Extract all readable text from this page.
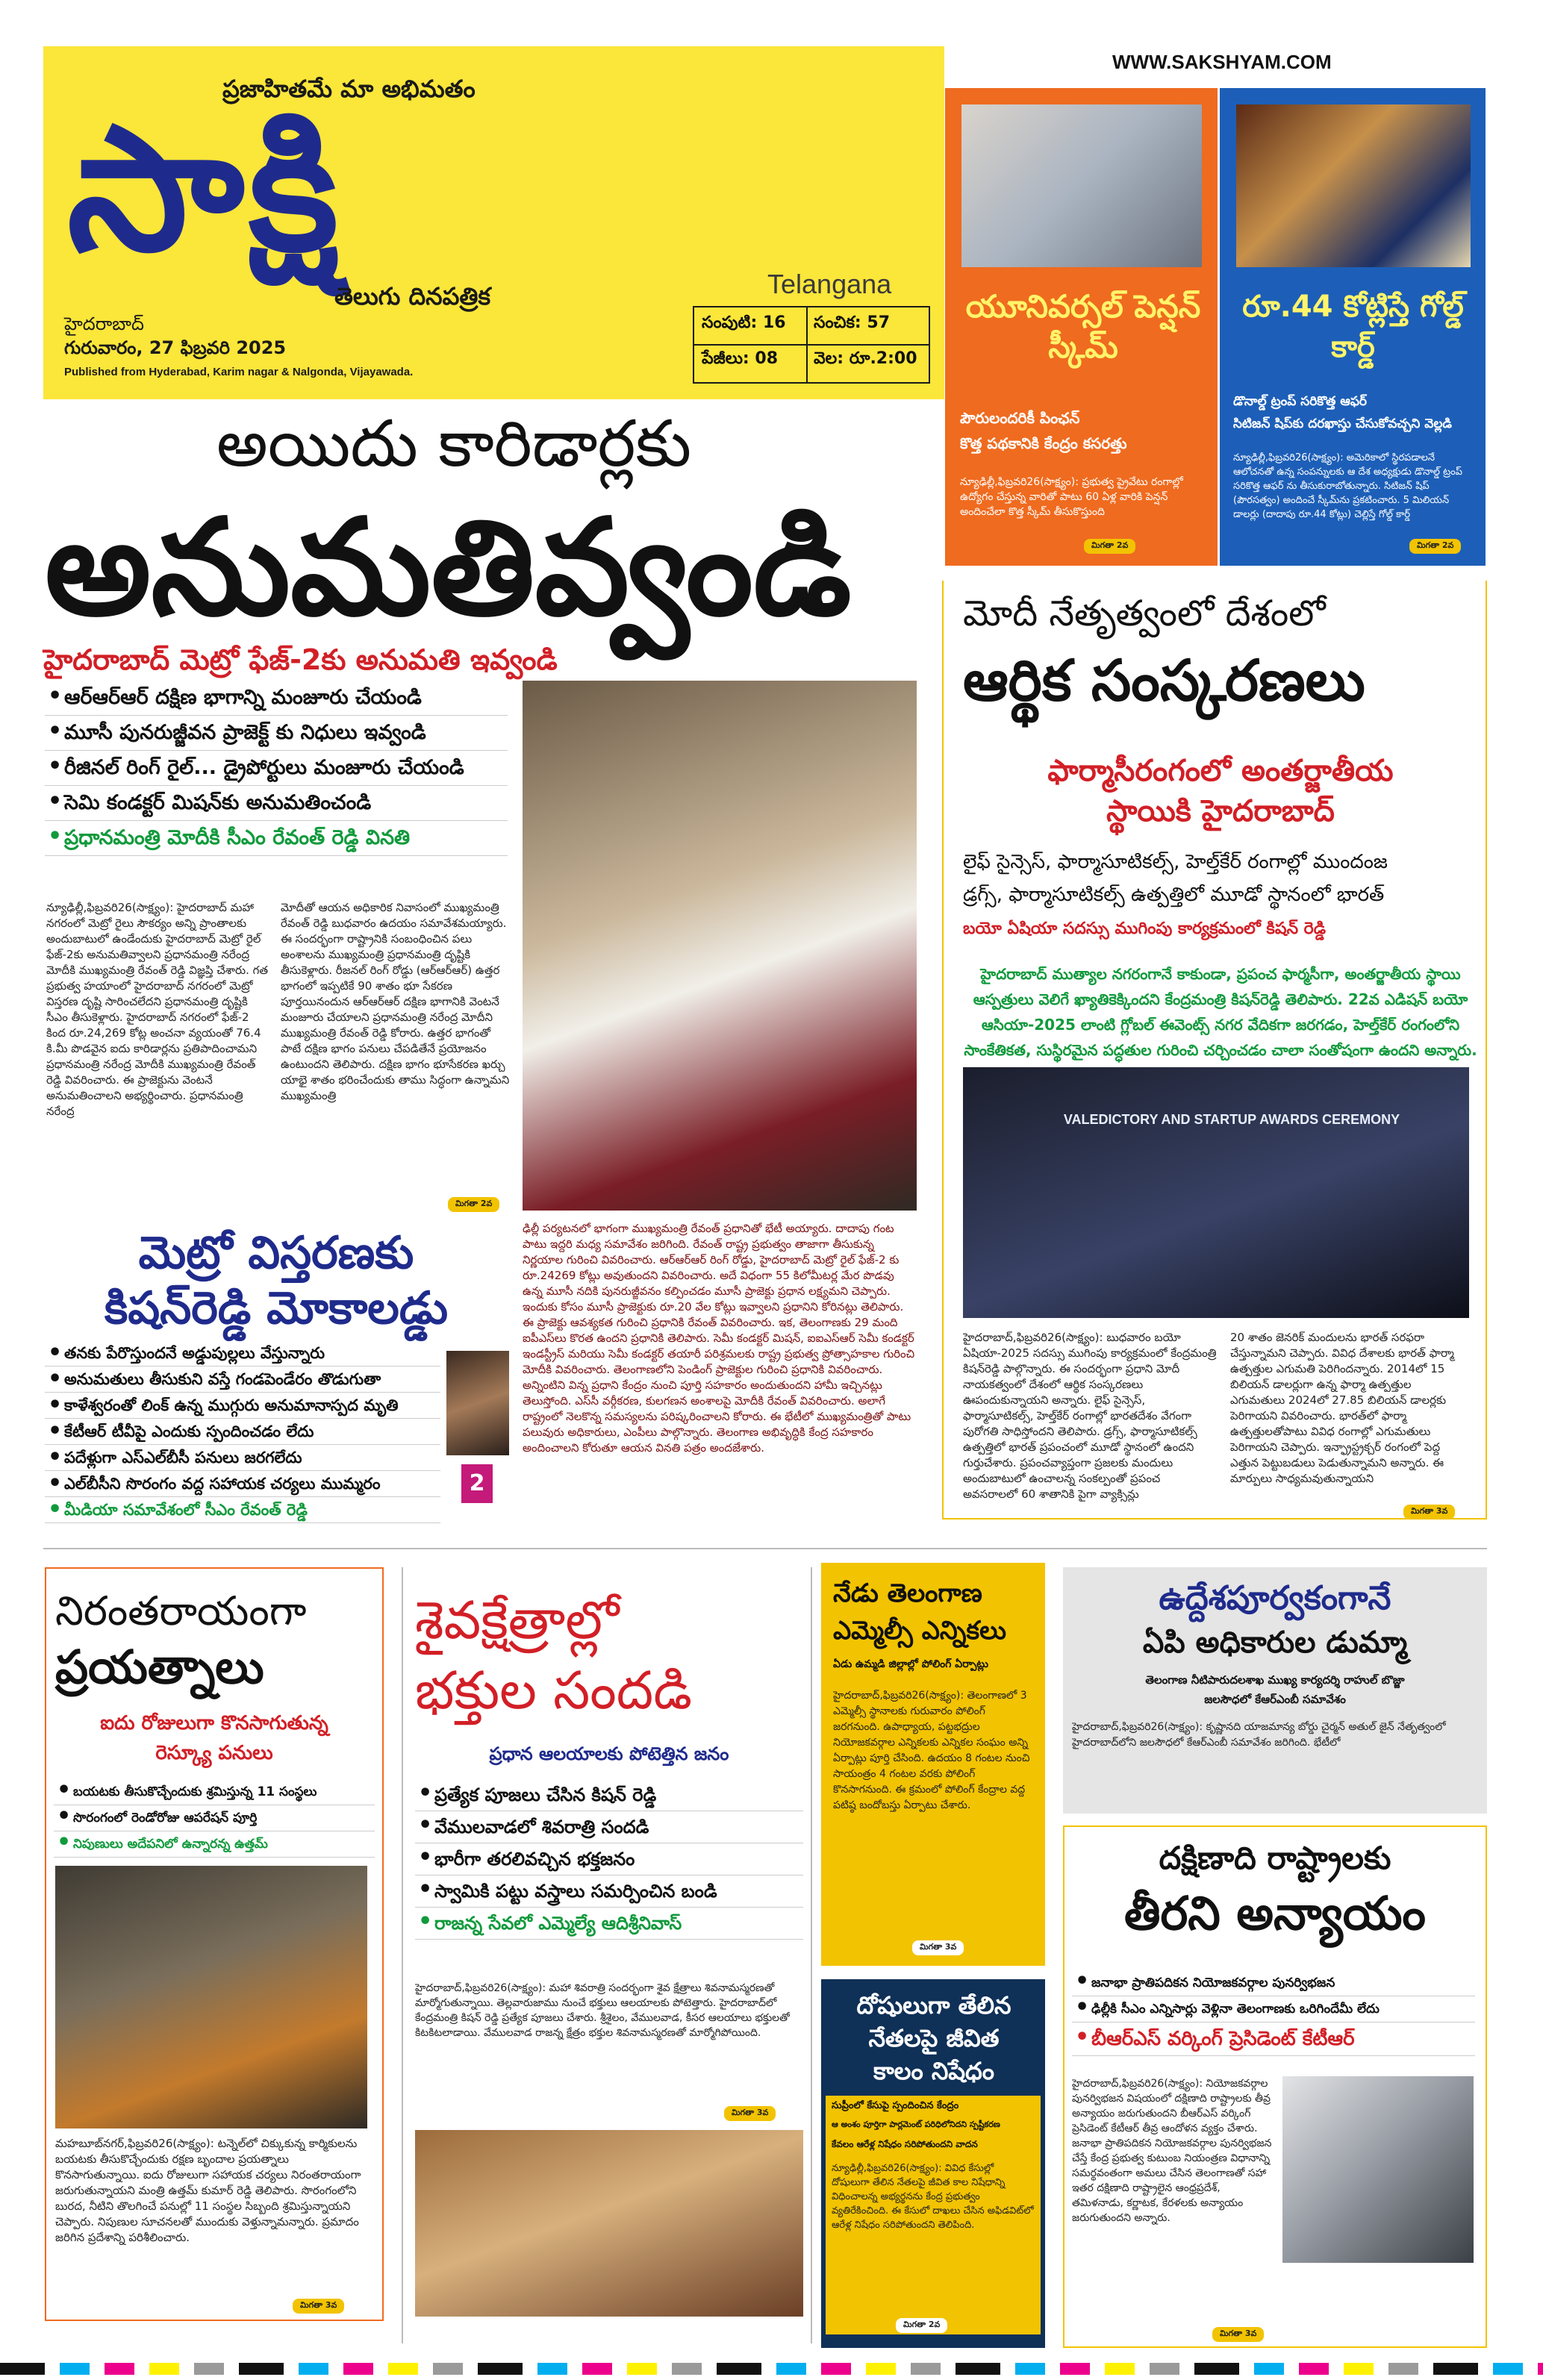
ప్రజాహితమే మా అభిమతం
సాక్షి
తెలుగు దినపత్రిక	Telangana
హైదరాబాద్
గురువారం, 27 ఫిబ్రవరి 2025
Published from Hyderabad, Karim nagar & Nalgonda, Vijayawada.
సంపుటి: 16 సంచిక: 57
పేజీలు: 08 వెల: రూ.2:00
WWW.SAKSHYAM.COM
యూనివర్సల్ పెన్షన్ స్కీమ్
పౌరులందరికీ పింఛన్
కొత్త పథకానికి కేంద్రం కసరత్తు
న్యూఢిల్లీ,ఫిబ్రవరి26(సాక్ష్యం): ప్రభుత్వ ప్రైవేటు రంగాల్లో ఉద్యోగం చేస్తున్న వారితో పాటు 60 ఏళ్ల వారికి పెన్షన్ అందించేలా కొత్త స్కీమ్ తీసుకొస్తుంది
మిగతా 2వ
రూ.44 కోట్లిస్తే గోల్డ్ కార్డ్
డొనాల్డ్ ట్రంప్ సరికొత్త ఆఫర్
సిటిజన్ షిప్‌కు దరఖాస్తు చేసుకోవచ్చని వెల్లడి
న్యూఢిల్లీ,ఫిబ్రవరి26(సాక్ష్యం): అమెరికాలో స్థిరపడాలనే ఆలోచనతో ఉన్న సంపన్నులకు ఆ దేశ అధ్యక్షుడు డొనాల్డ్ ట్రంప్ సరికొత్త ఆఫర్ ను తీసుకురాబోతున్నారు. సిటిజన్ షిప్ (పౌరసత్వం) అందించే స్కీమ్‌ను ప్రకటించారు. 5 మిలియన్ డాలర్లు (దాదాపు రూ.44 కోట్లు) చెల్లిస్తే గోల్డ్ కార్డ్
మిగతా 2వ
అయిదు కారిడార్లకు
అనుమతివ్వండి
హైదరాబాద్ మెట్రో ఫేజ్-2కు అనుమతి ఇవ్వండి
• ఆర్ఆర్ఆర్ దక్షిణ భాగాన్ని మంజూరు చేయండి
• మూసీ పునరుజ్జీవన ప్రాజెక్ట్ కు నిధులు ఇవ్వండి
• రీజినల్ రింగ్ రైల్... డ్రైపోర్టులు మంజూరు చేయండి
• సెమి కండక్టర్ మిషన్‌కు అనుమతించండి
• ప్రధానమంత్రి మోదీకి సీఎం రేవంత్ రెడ్డి వినతి
న్యూఢిల్లీ,ఫిబ్రవరి26(సాక్ష్యం): హైదరాబాద్ మహా నగరంలో మెట్రో రైలు సౌకర్యం అన్ని ప్రాంతాలకు అందుబాటులో ఉండేందుకు హైదరాబాద్ మెట్రో రైల్ ఫేజ్-2కు అనుమతివ్వాలని ప్రధానమంత్రి నరేంద్ర మోదీకి ముఖ్యమంత్రి రేవంత్ రెడ్డి విజ్ఞప్తి చేశారు. గత ప్రభుత్వ హయాంలో హైదరాబాద్ నగరంలో మెట్రో విస్తరణ దృష్టి సారించలేదని ప్రధానమంత్రి దృష్టికి సీఎం తీసుకెళ్లారు. హైదరాబాద్ నగరంలో ఫేజ్-2 కింద రూ.24,269 కోట్ల అంచనా వ్యయంతో 76.4 కి.మీ పొడవైన ఐదు కారిడార్లను ప్రతిపాదించామని ప్రధానమంత్రి నరేంద్ర మోదీకి ముఖ్యమంత్రి రేవంత్ రెడ్డి వివరించారు. ఈ ప్రాజెక్టును వెంటనే అనుమతించాలని అభ్యర్థించారు. ప్రధానమంత్రి నరేంద్ర
మోదీతో ఆయన అధికారిక నివాసంలో ముఖ్యమంత్రి రేవంత్ రెడ్డి బుధవారం ఉదయం సమావేశమయ్యారు. ఈ సందర్భంగా రాష్ట్రానికి సంబంధించిన పలు అంశాలను ముఖ్యమంత్రి ప్రధానమంత్రి దృష్టికి తీసుకెళ్లారు. రీజనల్ రింగ్ రోడ్డు (ఆర్ఆర్ఆర్) ఉత్తర భాగంలో ఇప్పటికే 90 శాతం భూ సేకరణ పూర్తయినందున ఆర్ఆర్ఆర్ దక్షిణ భాగానికి వెంటనే మంజూరు చేయాలని ప్రధానమంత్రి నరేంద్ర మోదీని ముఖ్యమంత్రి రేవంత్ రెడ్డి కోరారు. ఉత్తర భాగంతో పాటే దక్షిణ భాగం పనులు చేపడితేనే ప్రయోజనం ఉంటుందని తెలిపారు. దక్షిణ భాగం భూసేకరణ ఖర్చు యాభై శాతం భరించేందుకు తాము సిద్ధంగా ఉన్నామని ముఖ్యమంత్రి
మిగతా 2వ
ఢిల్లీ పర్యటనలో భాగంగా ముఖ్యమంత్రి రేవంత్ ప్రధానితో భేటీ అయ్యారు. దాదాపు గంట పాటు ఇద్దరి మధ్య సమావేశం జరిగింది. రేవంత్ రాష్ట్ర ప్రభుత్వం తాజాగా తీసుకున్న నిర్ణయాల గురించి వివరించారు. ఆర్ఆర్ఆర్ రింగ్ రోడ్డు, హైదరాబాద్ మెట్రో రైల్ ఫేజ్-2 కు రూ.24269 కోట్లు అవుతుందని వివరించారు. అదే విధంగా 55 కిలోమీటర్ల మేర పొడవు ఉన్న మూసీ నదికి పునరుజ్జీవనం కల్పించడం మూసీ ప్రాజెక్టు ప్రధాన లక్ష్యమని చెప్పారు. ఇందుకు కోసం మూసీ ప్రాజెక్టుకు రూ.20 వేల కోట్లు ఇవ్వాలని ప్రధానిని కోరినట్లు తెలిపారు. ఈ ప్రాజెక్టు ఆవశ్యకత గురించి ప్రధానికి రేవంత్ వివరించారు. ఇక, తెలంగాణకు 29 మంది ఐపీఎస్‌లు కొరత ఉందని ప్రధానికి తెలిపారు. సెమీ కండక్టర్ మిషన్, ఐఐఎస్ఆర్ సెమీ కండక్టర్ ఇండస్ట్రీస్ మరియు సెమీ కండక్టర్ తయారీ పరిశ్రమలకు రాష్ట్ర ప్రభుత్వ ప్రోత్సాహకాల గురించి మోదీకి వివరించారు. తెలంగాణలోని పెండింగ్ ప్రాజెక్టుల గురించి ప్రధానికి వివరించారు. అన్నింటిని విన్న ప్రధాని కేంద్రం నుంచి పూర్తి సహకారం అందుతుందని హామీ ఇచ్చినట్లు తెలుస్తోంది. ఎస్‌సీ వర్గీకరణ, కులగణన అంశాలపై మోదీకి రేవంత్ వివరించారు. అలాగే రాష్ట్రంలో నెలకొన్న సమస్యలను పరిష్కరించాలని కోరారు. ఈ భేటీలో ముఖ్యమంత్రితో పాటు పలువురు అధికారులు, ఎంపీలు పాల్గొన్నారు. తెలంగాణ అభివృద్ధికి కేంద్ర సహకారం అందించాలని కోరుతూ ఆయన వినతి పత్రం అందజేశారు.
మెట్రో విస్తరణకు
కిషన్‌రెడ్డి మోకాలడ్డు
• తనకు పేరొస్తుందనే అడ్డుపుల్లలు వేస్తున్నారు
• అనుమతులు తీసుకుని వస్తే గండపెండేరం తొడుగుతా
• కాళేశ్వరంతో లింక్ ఉన్న ముగ్గురు అనుమానాస్పద మృతి
• కేటీఆర్ టీవీపై ఎందుకు స్పందించడం లేదు
• పదేళ్లుగా ఎస్ఎల్‌బీసీ పనులు జరగలేదు
• ఎల్‌బీసీని సొరంగం వద్ద సహాయక చర్యలు ముమ్మరం
• మీడియా సమావేశంలో సీఎం రేవంత్ రెడ్డి
2
మోదీ నేతృత్వంలో దేశంలో
ఆర్థిక సంస్కరణలు
ఫార్మాసీరంగంలో అంతర్జాతీయ
స్థాయికి హైదరాబాద్
లైఫ్ సైన్సెస్, ఫార్మాసూటికల్స్, హెల్త్‌కేర్ రంగాల్లో ముందంజ
డ్రగ్స్, ఫార్మాసూటికల్స్ ఉత్పత్తిలో మూడో స్థానంలో భారత్
బయో ఏషియా సదస్సు ముగింపు కార్యక్రమంలో కిషన్ రెడ్డి
హైదరాబాద్ ముత్యాల నగరంగానే కాకుండా, ప్రపంచ ఫార్మసీగా, అంతర్జాతీయ స్థాయి ఆస్పత్రులు వెలిగే ఖ్యాతికెక్కిందని కేంద్రమంత్రి కిషన్‌రెడ్డి తెలిపారు. 22వ ఎడిషన్ బయో ఆసియా-2025 లాంటి గ్లోబల్ ఈవెంట్స్ నగర వేదికగా జరగడం, హెల్త్‌కేర్ రంగంలోని సాంకేతికత, సుస్థిరమైన పద్ధతుల గురించి చర్చించడం చాలా సంతోషంగా ఉందని అన్నారు.
VALEDICTORY AND STARTUP AWARDS CEREMONY
హైదరాబాద్,ఫిబ్రవరి26(సాక్ష్యం): బుధవారం బయో ఏషియా-2025 సదస్సు ముగింపు కార్యక్రమంలో కేంద్రమంత్రి కిషన్‌రెడ్డి పాల్గొన్నారు. ఈ సందర్భంగా ప్రధాని మోదీ నాయకత్వంలో దేశంలో ఆర్థిక సంస్కరణలు ఊపందుకున్నాయని అన్నారు. లైఫ్ సైన్సెస్, ఫార్మాసూటికల్స్, హెల్త్‌కేర్ రంగాల్లో భారతదేశం వేగంగా పురోగతి సాధిస్తోందని తెలిపారు. డ్రగ్స్, ఫార్మాసూటికల్స్ ఉత్పత్తిలో భారత్ ప్రపంచంలో మూడో స్థానంలో ఉందని గుర్తుచేశారు. ప్రపంచవ్యాప్తంగా ప్రజలకు మందులు అందుబాటులో ఉంచాలన్న సంకల్పంతో ప్రపంచ అవసరాలలో 60 శాతానికి పైగా వ్యాక్సిన్లు
20 శాతం జెనరిక్ మందులను భారత్ సరఫరా చేస్తున్నామని చెప్పారు. వివిధ దేశాలకు భారత్ ఫార్మా ఉత్పత్తుల ఎగుమతి పెరిగిందన్నారు. 2014లో 15 బిలియన్ డాలర్లుగా ఉన్న ఫార్మా ఉత్పత్తుల ఎగుమతులు 2024లో 27.85 బిలియన్ డాలర్లకు పెరిగాయని వివరించారు. భారత్‌లో ఫార్మా ఉత్పత్తులతోపాటు వివిధ రంగాల్లో ఎగుమతులు పెరిగాయని చెప్పారు. ఇన్ఫ్రాస్ట్రక్చర్ రంగంలో పెద్ద ఎత్తున పెట్టుబడులు పెడుతున్నామని అన్నారు. ఈ మార్పులు సాధ్యమవుతున్నాయని
మిగతా 3వ
నిరంతరాయంగా
ప్రయత్నాలు
ఐదు రోజులుగా కొనసాగుతున్న
రెస్క్యూ పనులు
• బయటకు తీసుకొచ్చేందుకు శ్రమిస్తున్న 11 సంస్థలు
• సొరంగంలో రెండోరోజు ఆపరేషన్ పూర్తి
• నిపుణులు అదేపనిలో ఉన్నారన్న ఉత్తమ్
మహబూబ్‌నగర్,ఫిబ్రవరి26(సాక్ష్యం): టన్నెల్‌లో చిక్కుకున్న కార్మికులను బయటకు తీసుకొచ్చేందుకు రక్షణ బృందాల ప్రయత్నాలు కొనసాగుతున్నాయి. ఐదు రోజులుగా సహాయక చర్యలు నిరంతరాయంగా జరుగుతున్నాయని మంత్రి ఉత్తమ్ కుమార్ రెడ్డి తెలిపారు. సొరంగంలోని బురద, నీటిని తొలగించే పనుల్లో 11 సంస్థల సిబ్బంది శ్రమిస్తున్నాయని చెప్పారు. నిపుణుల సూచనలతో ముందుకు వెళ్తున్నామన్నారు. ప్రమాదం జరిగిన ప్రదేశాన్ని పరిశీలించారు.
మిగతా 3వ
శైవక్షేత్రాల్లో
భక్తుల సందడి
ప్రధాన ఆలయాలకు పోటెత్తిన జనం
• ప్రత్యేక పూజలు చేసిన కిషన్ రెడ్డి
• వేములవాడలో శివరాత్రి సందడి
• భారీగా తరలివచ్చిన భక్తజనం
• స్వామికి పట్టు వస్త్రాలు సమర్పించిన బండి
• రాజన్న సేవలో ఎమ్మెల్యే ఆదిశ్రీనివాస్
హైదరాబాద్,ఫిబ్రవరి26(సాక్ష్యం): మహా శివరాత్రి సందర్భంగా శైవ క్షేత్రాలు శివనామస్మరణతో మార్మోగుతున్నాయి. తెల్లవారుజాము నుంచే భక్తులు ఆలయాలకు పోటెత్తారు. హైదరాబాద్‌లో కేంద్రమంత్రి కిషన్ రెడ్డి ప్రత్యేక పూజలు చేశారు. శ్రీశైలం, వేములవాడ, కీసర ఆలయాలు భక్తులతో కిటకిటలాడాయి. వేములవాడ రాజన్న క్షేత్రం భక్తుల శివనామస్మరణతో మార్మోగిపోయింది.
మిగతా 3వ
నేడు తెలంగాణ
ఎమ్మెల్సీ ఎన్నికలు
ఏడు ఉమ్మడి జిల్లాల్లో పోలింగ్ ఏర్పాట్లు
హైదరాబాద్,ఫిబ్రవరి26(సాక్ష్యం): తెలంగాణలో 3 ఎమ్మెల్సీ స్థానాలకు గురువారం పోలింగ్ జరగనుంది. ఉపాధ్యాయ, పట్టభద్రుల నియోజకవర్గాల ఎన్నికలకు ఎన్నికల సంఘం అన్ని ఏర్పాట్లు పూర్తి చేసింది. ఉదయం 8 గంటల నుంచి సాయంత్రం 4 గంటల వరకు పోలింగ్ కొనసాగనుంది. ఈ క్రమంలో పోలింగ్ కేంద్రాల వద్ద పటిష్ఠ బందోబస్తు ఏర్పాటు చేశారు.
మిగతా 3వ
దోషులుగా తేలిన
నేతలపై జీవిత
కాలం నిషేధం
సుప్రీంలో కేసుపై స్పందించిన కేంద్రం
ఆ అంశం పూర్తిగా పార్లమెంట్ పరిధిలోనిదని స్పష్టీకరణ
కేవలం ఆరేళ్ల నిషేధం సరిపోతుందని వాదన
న్యూఢిల్లీ,ఫిబ్రవరి26(సాక్ష్యం): వివిధ కేసుల్లో దోషులుగా తేలిన నేతలపై జీవిత కాల నిషేధాన్ని విధించాలన్న అభ్యర్థనను కేంద్ర ప్రభుత్వం వ్యతిరేకించింది. ఈ కేసులో దాఖలు చేసిన అఫిడవిట్‌లో ఆరేళ్ల నిషేధం సరిపోతుందని తెలిపింది.
మిగతా 2వ
ఉద్దేశపూర్వకంగానే
ఏపి అధికారుల డుమ్మా
తెలంగాణ నీటిపారుదలశాఖ ముఖ్య కార్యదర్శి రాహుల్ బొజ్జా
జలసౌధలో కేఆర్ఎంబీ సమావేశం
హైదరాబాద్,ఫిబ్రవరి26(సాక్ష్యం): కృష్ణానది యాజమాన్య బోర్డు చైర్మన్ అతుల్ జైన్ నేతృత్వంలో హైదరాబాద్‌లోని జలసౌధలో కేఆర్ఎంబీ సమావేశం జరిగింది. భేటీలో
దక్షిణాది రాష్ట్రాలకు
తీరని అన్యాయం
• జనాభా ప్రాతిపదికన నియోజకవర్గాల పునర్విభజన
• ఢిల్లీకి సీఎం ఎన్నిసార్లు వెళ్లినా తెలంగాణకు ఒరిగిందేమీ లేదు
• బీఆర్ఎస్ వర్కింగ్ ప్రెసిడెంట్ కేటీఆర్
హైదరాబాద్,ఫిబ్రవరి26(సాక్ష్యం): నియోజకవర్గాల పునర్విభజన విషయంలో దక్షిణాది రాష్ట్రాలకు తీవ్ర అన్యాయం జరుగుతుందని బీఆర్ఎస్ వర్కింగ్ ప్రెసిడెంట్ కేటీఆర్ తీవ్ర ఆందోళన వ్యక్తం చేశారు. జనాభా ప్రాతిపదికన నియోజకవర్గాల పునర్విభజన చేస్తే కేంద్ర ప్రభుత్వ కుటుంబ నియంత్రణ విధానాన్ని సమర్థవంతంగా అమలు చేసిన తెలంగాణతో సహా ఇతర దక్షిణాది రాష్ట్రాలైన ఆంధ్రప్రదేశ్, తమిళనాడు, కర్ణాటక, కేరళలకు అన్యాయం జరుగుతుందని అన్నారు.
మిగతా 3వ
